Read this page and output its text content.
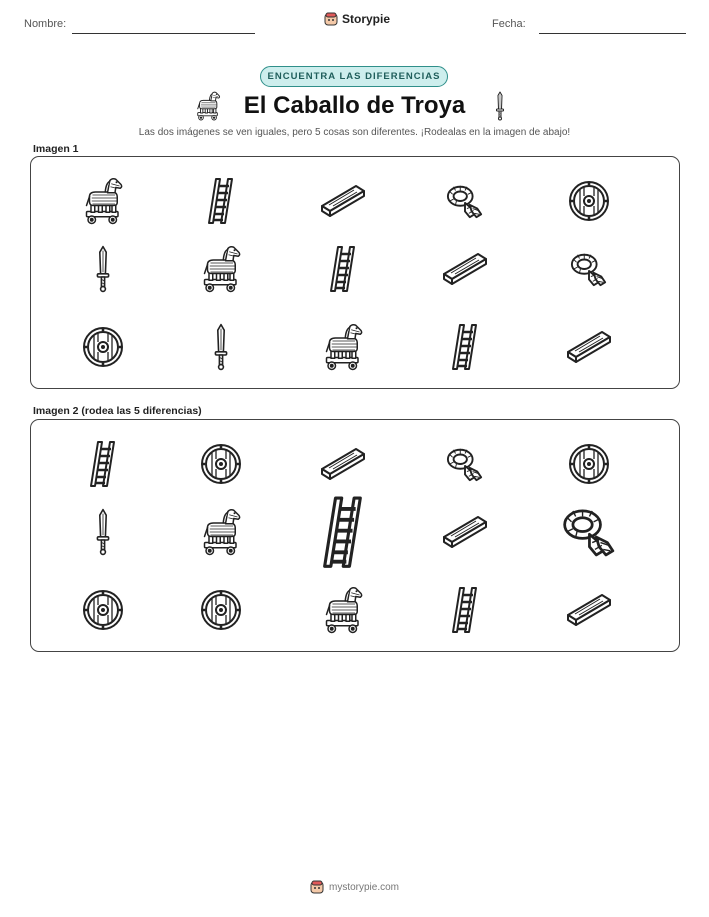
Nombre:	Storypie	Fecha:
ENCUENTRA LAS DIFERENCIAS
El Caballo de Troya
Las dos imágenes se ven iguales, pero 5 cosas son diferentes. ¡Rodealas en la imagen de abajo!
Imagen 1
Imagen 2 (rodea las 5 diferencias)
mystorypie.com
